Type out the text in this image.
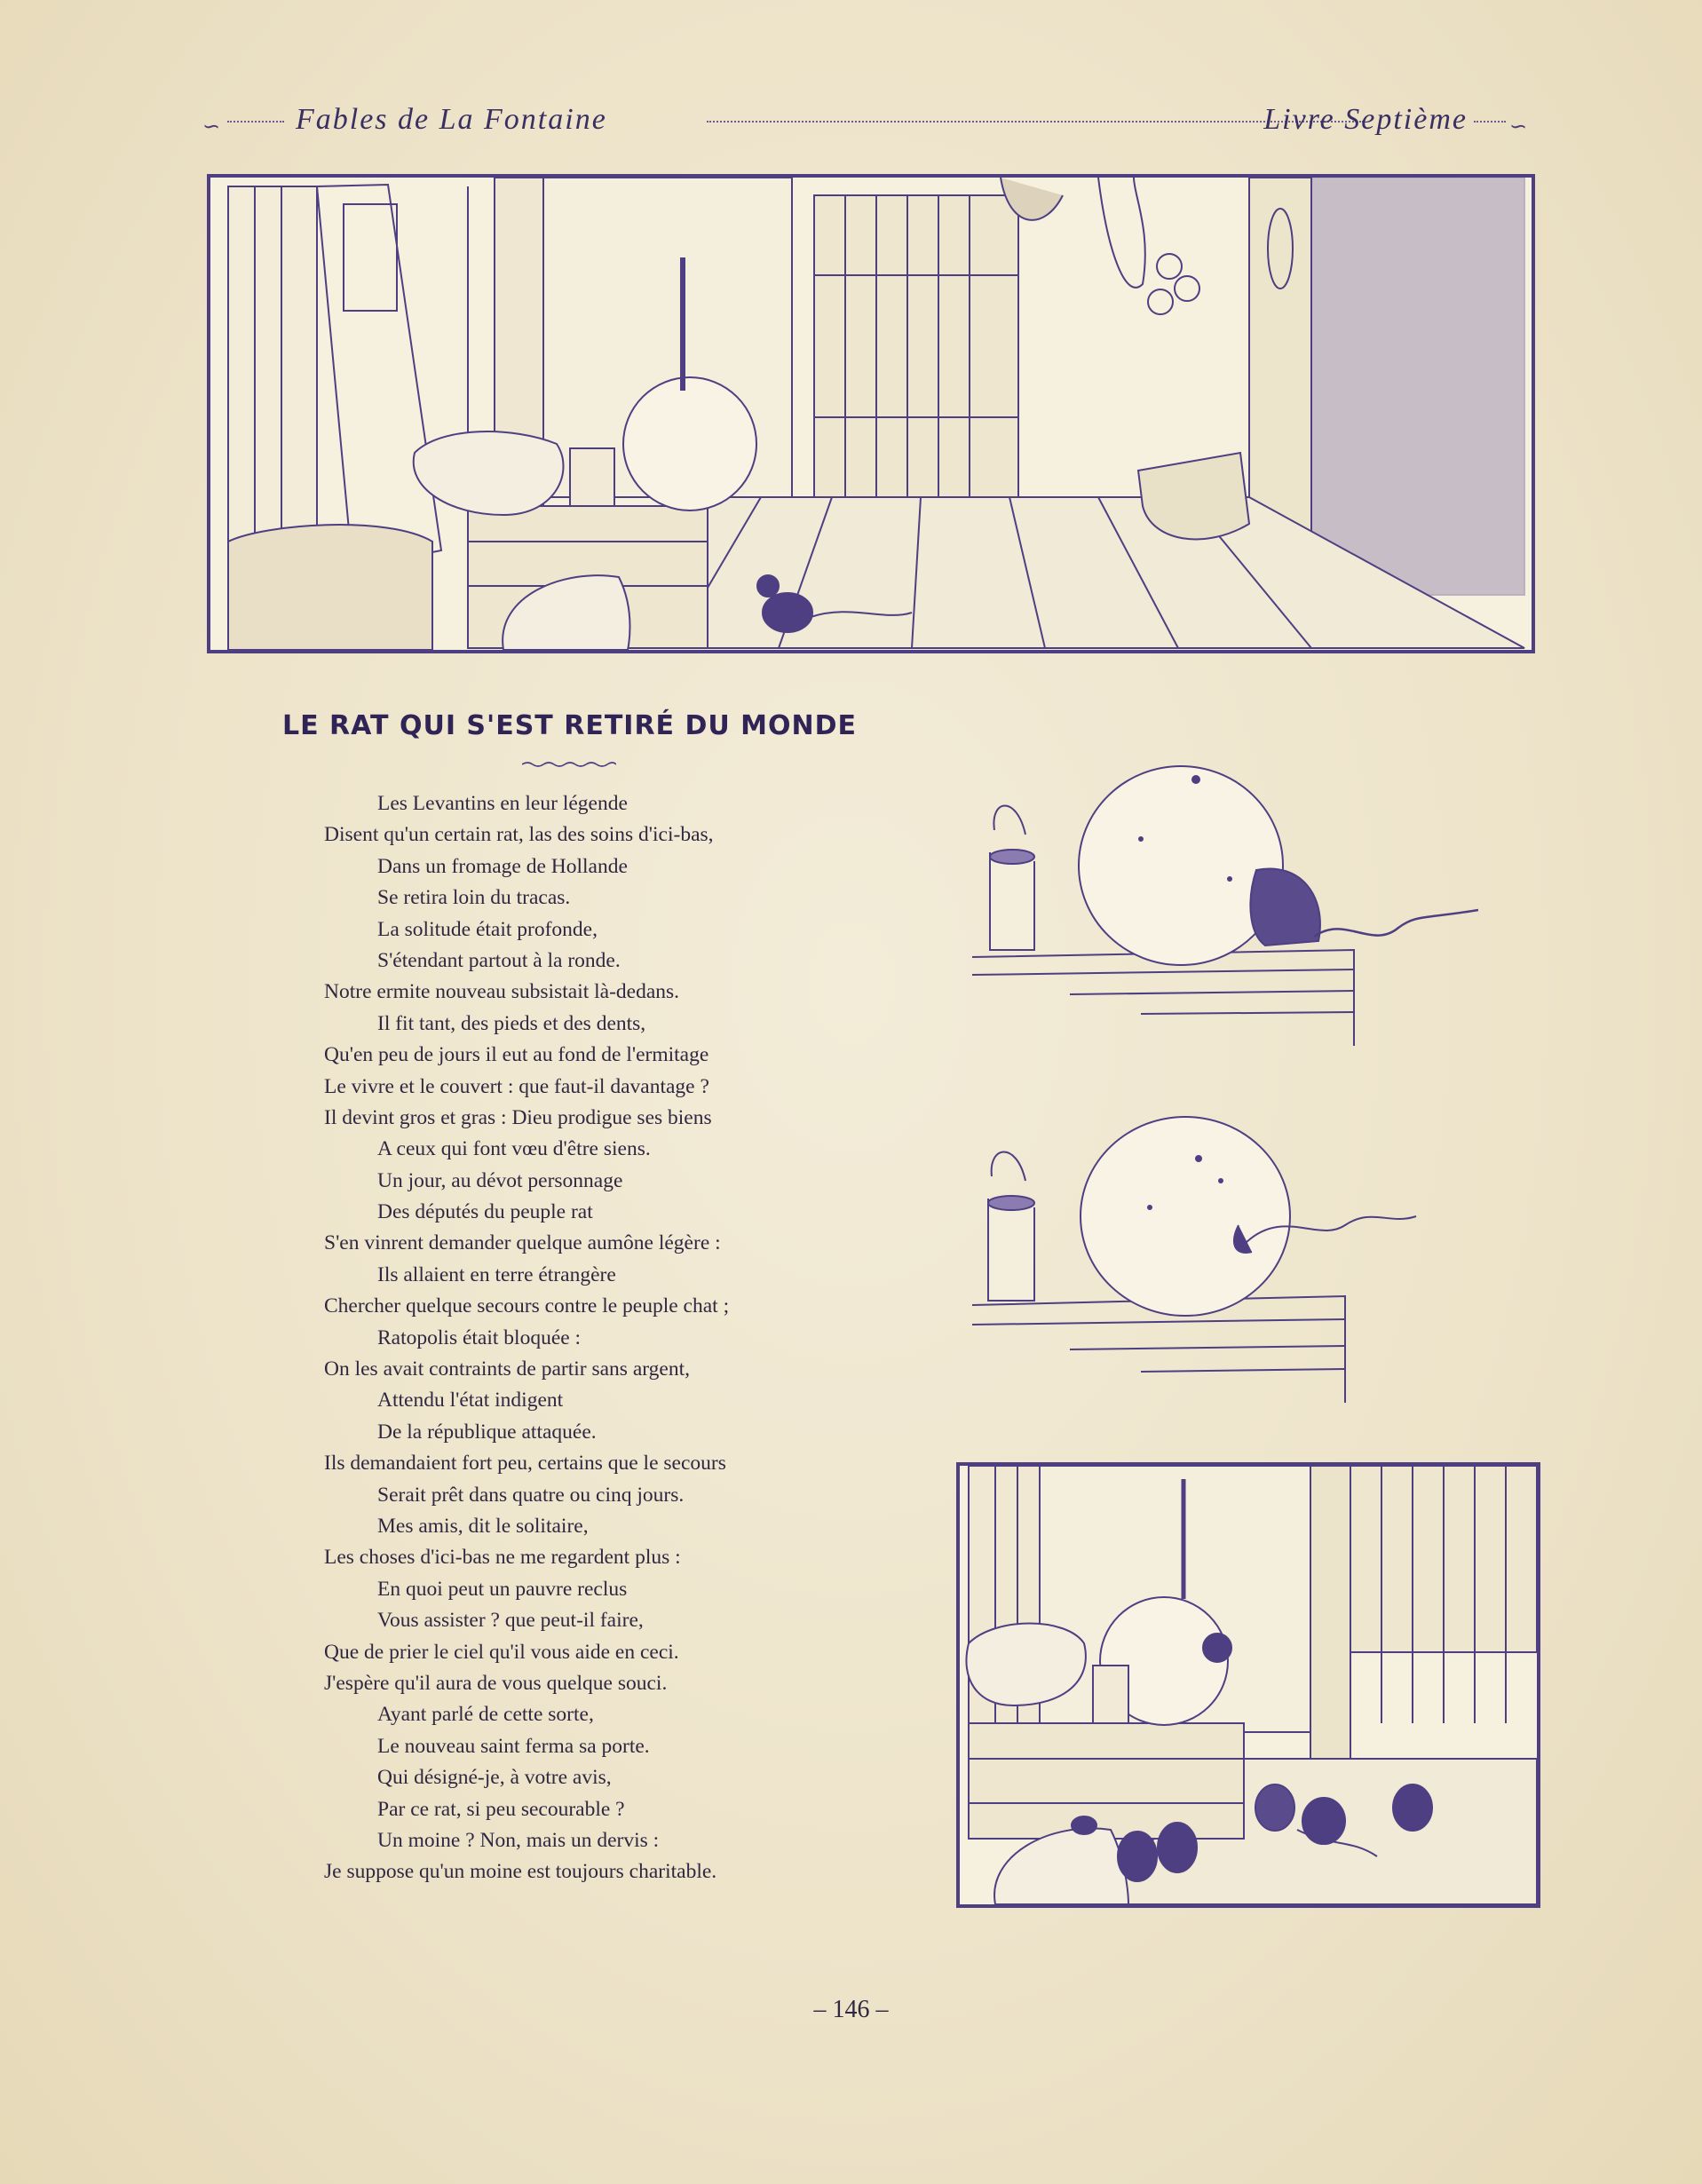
∽ Fables de La Fontaine	Livre Septième ∽
LE RAT QUI S'EST RETIRÉ DU MONDE
Les Levantins en leur légende
Disent qu'un certain rat, las des soins d'ici-bas,
Dans un fromage de Hollande
Se retira loin du tracas.
La solitude était profonde,
S'étendant partout à la ronde.
Notre ermite nouveau subsistait là-dedans.
Il fit tant, des pieds et des dents,
Qu'en peu de jours il eut au fond de l'ermitage
Le vivre et le couvert : que faut-il davantage ?
Il devint gros et gras : Dieu prodigue ses biens
A ceux qui font vœu d'être siens.
Un jour, au dévot personnage
Des députés du peuple rat
S'en vinrent demander quelque aumône légère :
Ils allaient en terre étrangère
Chercher quelque secours contre le peuple chat ;
Ratopolis était bloquée :
On les avait contraints de partir sans argent,
Attendu l'état indigent
De la république attaquée.
Ils demandaient fort peu, certains que le secours
Serait prêt dans quatre ou cinq jours.
Mes amis, dit le solitaire,
Les choses d'ici-bas ne me regardent plus :
En quoi peut un pauvre reclus
Vous assister ? que peut-il faire,
Que de prier le ciel qu'il vous aide en ceci.
J'espère qu'il aura de vous quelque souci.
Ayant parlé de cette sorte,
Le nouveau saint ferma sa porte.
Qui désigné-je, à votre avis,
Par ce rat, si peu secourable ?
Un moine ? Non, mais un dervis :
Je suppose qu'un moine est toujours charitable.
– 146 –
